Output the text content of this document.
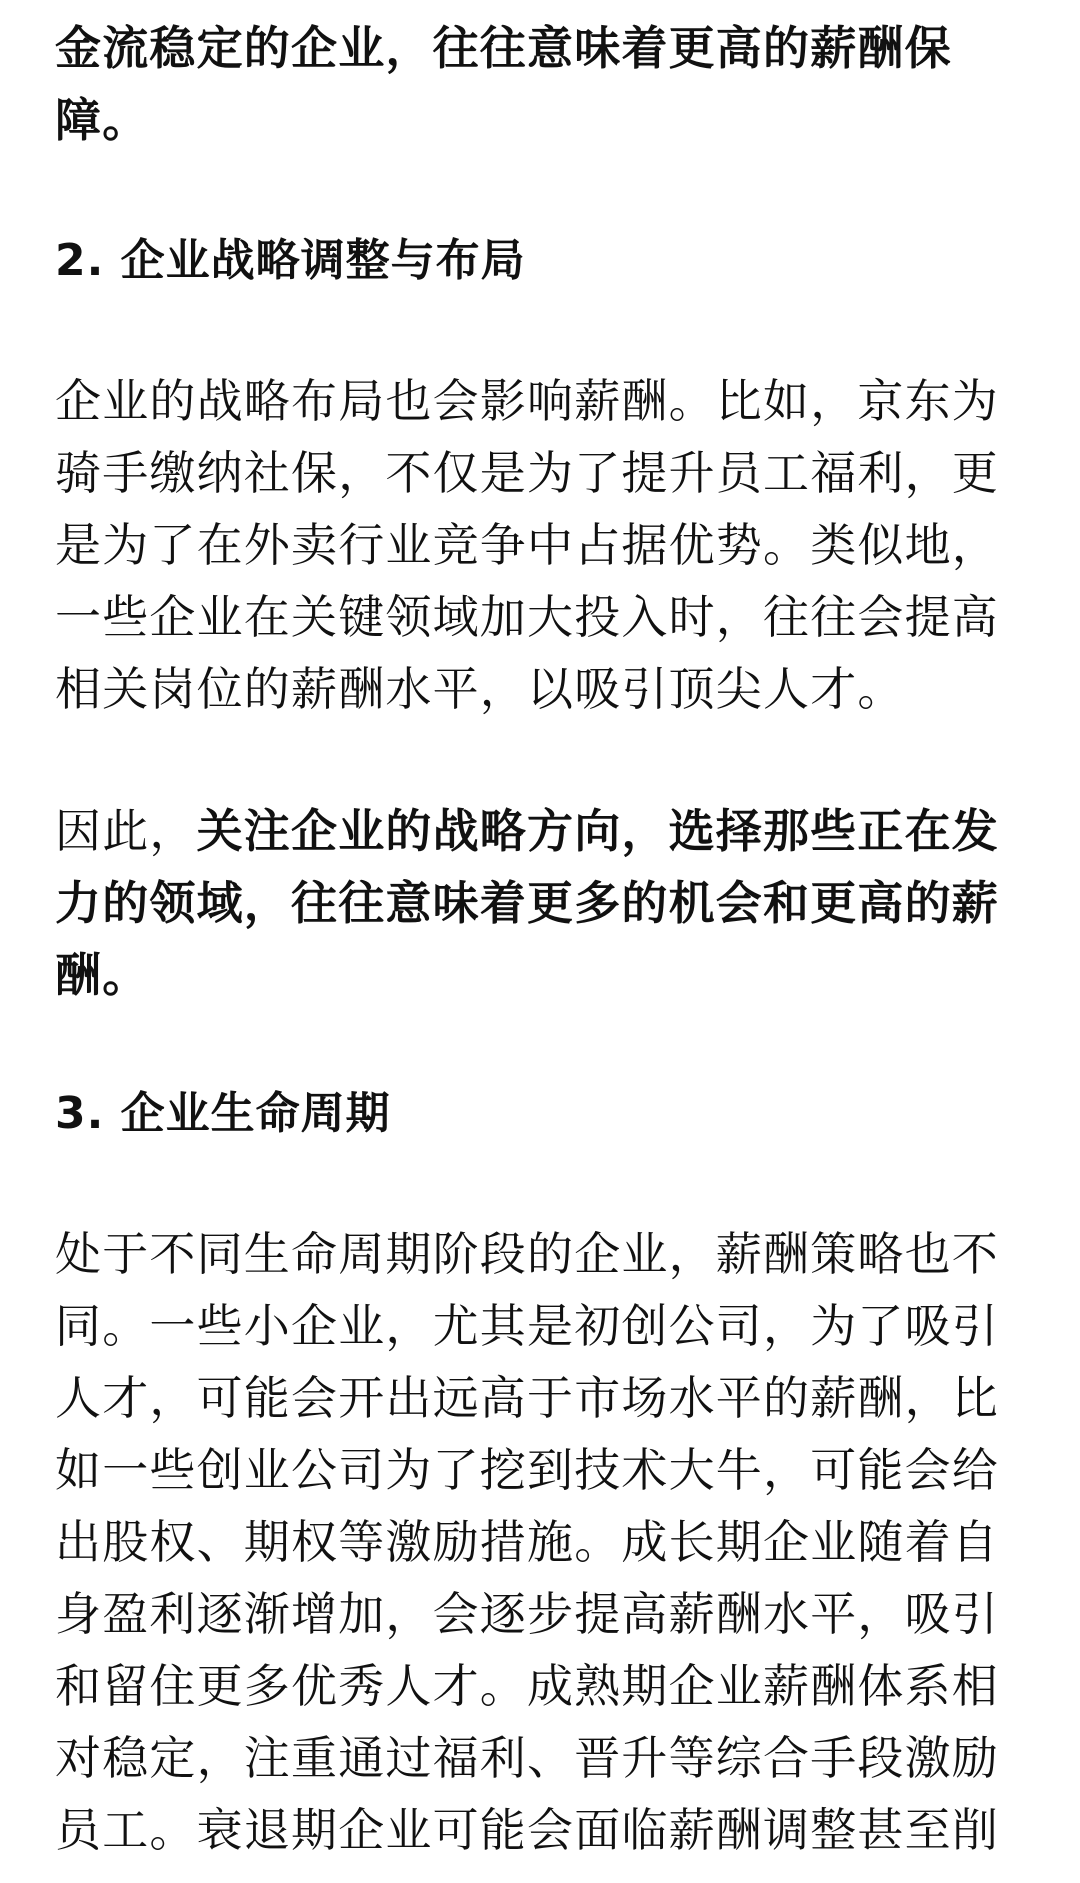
金流稳定的企业，往往意味着更高的薪酬保
障。
2. 企业战略调整与布局
企业的战略布局也会影响薪酬。比如，京东为
骑手缴纳社保，不仅是为了提升员工福利，更
是为了在外卖行业竞争中占据优势。类似地，
一些企业在关键领域加大投入时，往往会提高
相关岗位的薪酬水平，以吸引顶尖人才。
因此，关注企业的战略方向，选择那些正在发
力的领域，往往意味着更多的机会和更高的薪
酬。
3. 企业生命周期
处于不同生命周期阶段的企业，薪酬策略也不
同。一些小企业，尤其是初创公司，为了吸引
人才，可能会开出远高于市场水平的薪酬，比
如一些创业公司为了挖到技术大牛，可能会给
出股权、期权等激励措施。成长期企业随着自
身盈利逐渐增加，会逐步提高薪酬水平，吸引
和留住更多优秀人才。成熟期企业薪酬体系相
对稳定，注重通过福利、晋升等综合手段激励
员工。衰退期企业可能会面临薪酬调整甚至削
